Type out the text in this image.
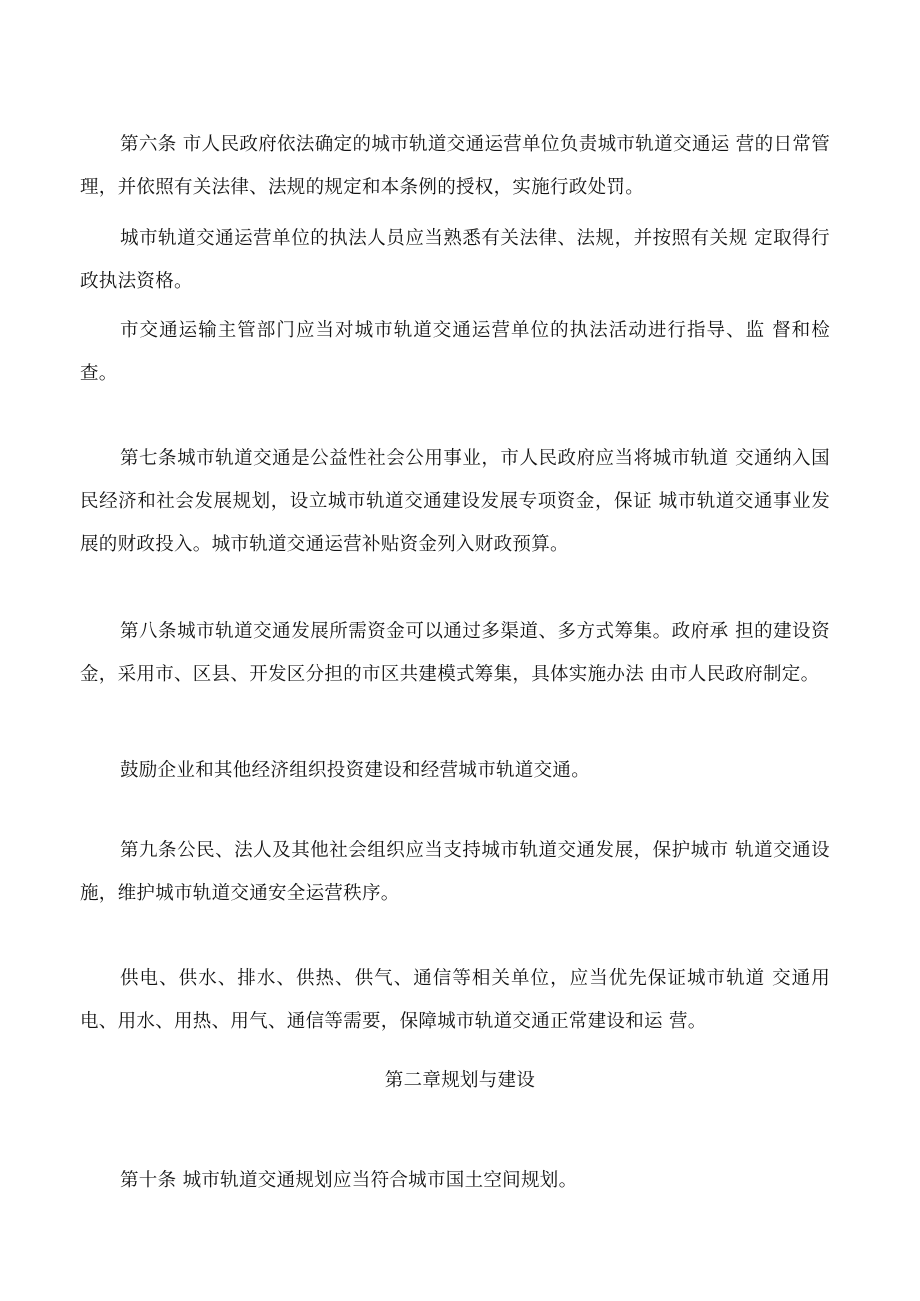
第六条 市人民政府依法确定的城市轨道交通运营单位负责城市轨道交通运 营的日常管理，并依照有关法律、法规的规定和本条例的授权，实施行政处罚。

城市轨道交通运营单位的执法人员应当熟悉有关法律、法规，并按照有关规 定取得行政执法资格。

市交通运输主管部门应当对城市轨道交通运营单位的执法活动进行指导、监 督和检查。

第七条城市轨道交通是公益性社会公用事业，市人民政府应当将城市轨道 交通纳入国民经济和社会发展规划，设立城市轨道交通建设发展专项资金，保证 城市轨道交通事业发展的财政投入。城市轨道交通运营补贴资金列入财政预算。

第八条城市轨道交通发展所需资金可以通过多渠道、多方式筹集。政府承 担的建设资金，采用市、区县、开发区分担的市区共建模式筹集，具体实施办法 由市人民政府制定。

鼓励企业和其他经济组织投资建设和经营城市轨道交通。

第九条公民、法人及其他社会组织应当支持城市轨道交通发展，保护城市 轨道交通设施，维护城市轨道交通安全运营秩序。

供电、供水、排水、供热、供气、通信等相关单位，应当优先保证城市轨道 交通用电、用水、用热、用气、通信等需要，保障城市轨道交通正常建设和运 营。

第二章规划与建设

第十条 城市轨道交通规划应当符合城市国土空间规划。
